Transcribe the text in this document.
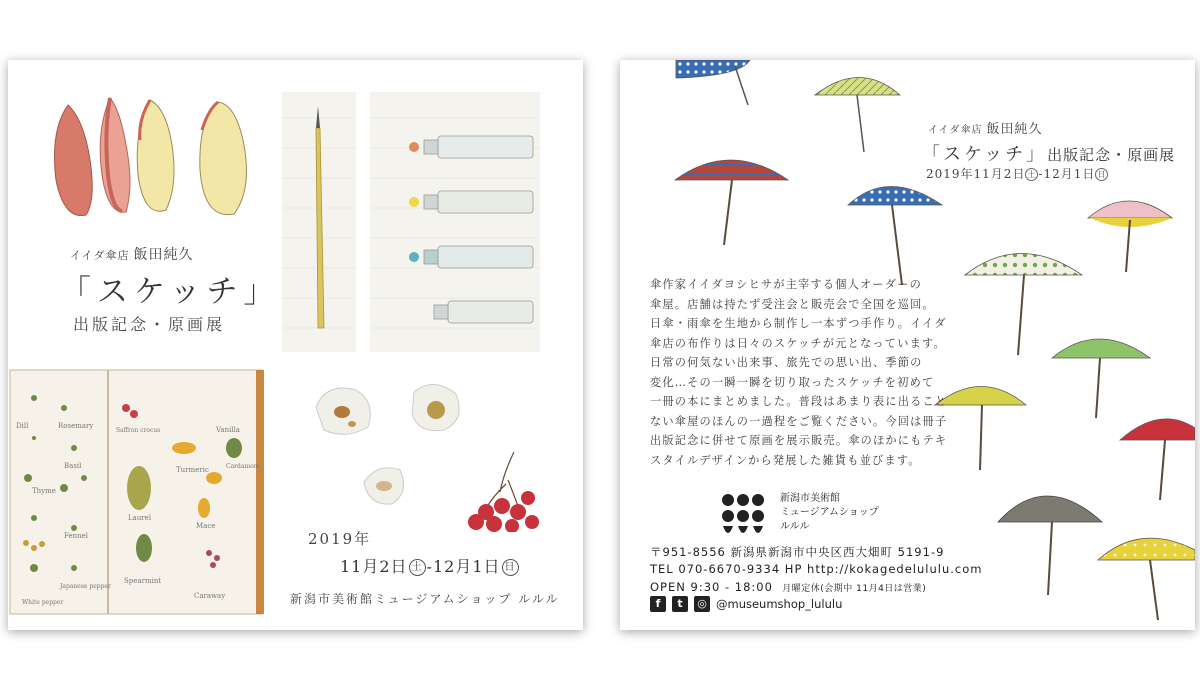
イイダ傘店 飯田純久
「スケッチ」
出版記念・原画展
Dill	Rosemary
Basil
Saffron crocus	Vanilla
Thyme
Mace
Cardamom
Laurel
Turmeric
Fennel
Spearmint
Japanese pepper
Caraway
White pepper
2019年
11月2日 土 -12月1日 日
新潟市美術館ミュージアムショップ ルルル
イイダ傘店 飯田純久
「スケッチ」出版記念・原画展
2019年11月2日 土 -12月1日 日

傘作家イイダヨシヒサが主宰する個人オーダーの

傘屋。店舗は持たず受注会と販売会で全国を巡回。

日傘・雨傘を生地から制作し一本ずつ手作り。イイダ

傘店の布作りは日々のスケッチが元となっています。

日常の何気ない出来事、旅先での思い出、季節の

変化…その一瞬一瞬を切り取ったスケッチを初めて

一冊の本にまとめました。普段はあまり表に出ること

ない傘屋のほんの一過程をご覧ください。今回は冊子

出版記念に併せて原画を展示販売。傘のほかにもテキ

スタイルデザインから発展した雑貨も並びます。

新潟市美術館
ミュージアムショップ
ルルル
〒951-8556 新潟県新潟市中央区西大畑町 5191-9
TEL 070-6670-9334 HP http://kokagedelululu.com
OPEN 9:30 - 18:00 月曜定休(会期中 11月4日は営業)
f	t	◎ @museumshop_lululu
